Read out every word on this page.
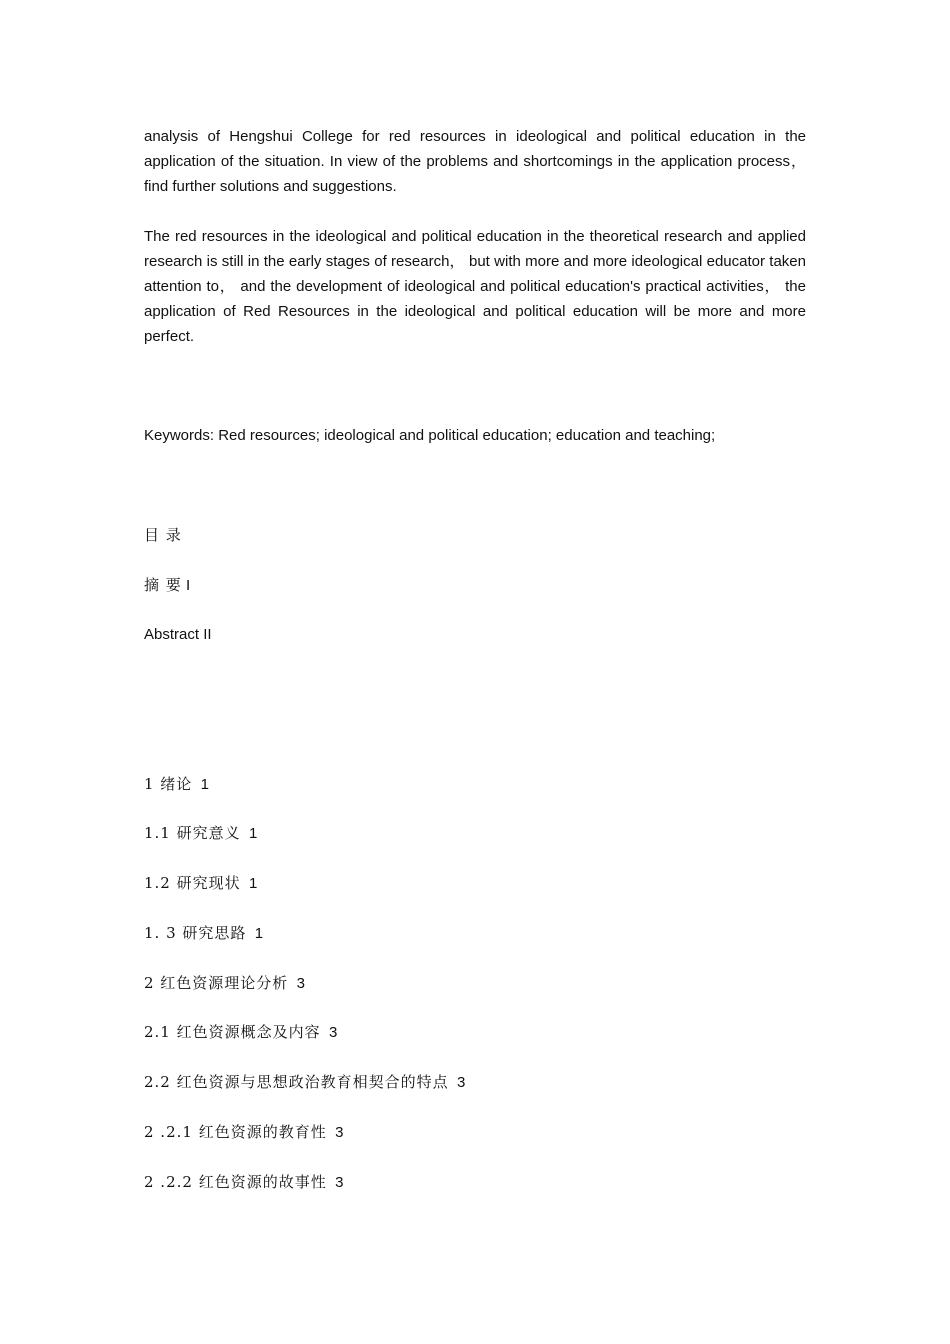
analysis of Hengshui College for red resources in ideological and political education in the application of the situation. In view of the problems and shortcomings in the application process， find further solutions and suggestions.

The red resources in the ideological and political education in the theoretical research and applied research is still in the early stages of research， but with more and more ideological educator taken attention to， and the development of ideological and political education's practical activities， the application of Red Resources in the ideological and political education will be more and more perfect.

Keywords: Red resources; ideological and political education; education and teaching;

目 录

摘 要 I

Abstract II

1 绪论 1

1.1 研究意义 1

1.2 研究现状 1

1. 3 研究思路 1

2 红色资源理论分析 3

2.1 红色资源概念及内容 3

2.2 红色资源与思想政治教育相契合的特点 3

2 .2.1 红色资源的教育性 3

2 .2.2 红色资源的故事性 3
